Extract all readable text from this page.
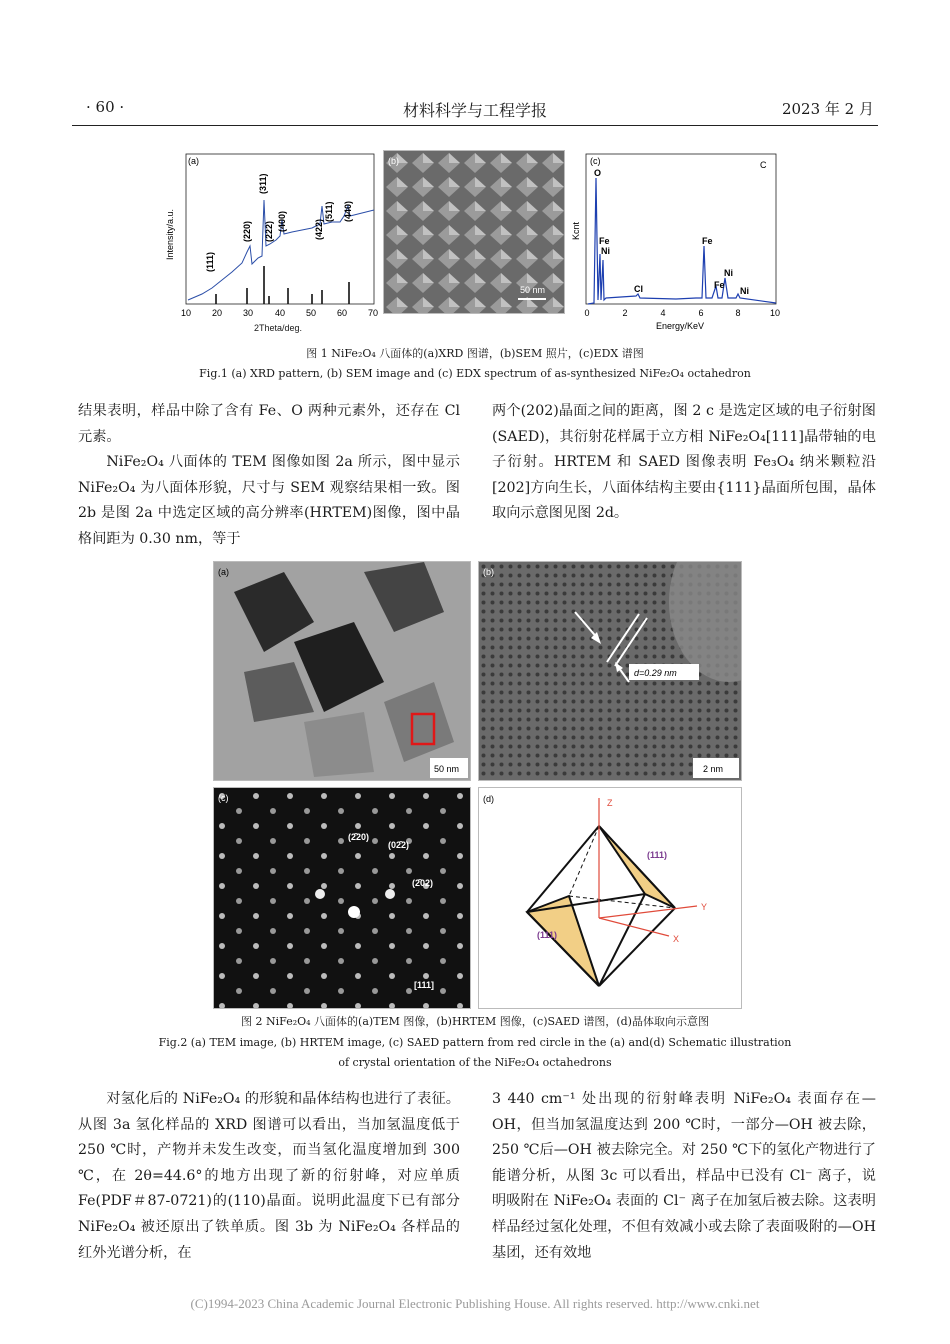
· 60 ·	材料科学与工程学报	2023 年 2 月
(a)
(111)
(220)
(311)
(222) (400)	(422)
(511) (440)
Intensity/a.u.
10 20 30 40 50 60 70
2Theta/deg.
(b)
50 nm
(c)	C
O
Fe
Ni
Cl
Fe
Fe
Ni
Ni
Kcnt
0	2	4	6	8	10
Energy/KeV
图 1 NiFe₂O₄ 八面体的(a)XRD 图谱，(b)SEM 照片，(c)EDX 谱图
Fig.1 (a) XRD pattern, (b) SEM image and (c) EDX spectrum of as-synthesized NiFe₂O₄ octahedron

结果表明，样品中除了含有 Fe、O 两种元素外，还存在 Cl 元素。

NiFe₂O₄ 八面体的 TEM 图像如图 2a 所示，图中显示 NiFe₂O₄ 为八面体形貌，尺寸与 SEM 观察结果相一致。图 2b 是图 2a 中选定区域的高分辨率(HRTEM)图像，图中晶格间距为 0.30 nm，等于

两个(202)晶面之间的距离，图 2 c 是选定区域的电子衍射图(SAED)，其衍射花样属于立方相 NiFe₂O₄[111]晶带轴的电子衍射。HRTEM 和 SAED 图像表明 Fe₃O₄ 纳米颗粒沿[202]方向生长，八面体结构主要由{111}晶面所包围，晶体取向示意图见图 2d。

(a)
50 nm
(b)
d=0.29 nm
2 nm
(c)
(2̄20)
(02̄2)
(2̄02)
[111]
(d)	Z
Y
X
(111)
(111)
图 2 NiFe₂O₄ 八面体的(a)TEM 图像，(b)HRTEM 图像，(c)SAED 谱图，(d)晶体取向示意图
Fig.2 (a) TEM image, (b) HRTEM image, (c) SAED pattern from red circle in the (a) and(d) Schematic illustration
of crystal orientation of the NiFe₂O₄ octahedrons

对氢化后的 NiFe₂O₄ 的形貌和晶体结构也进行了表征。从图 3a 氢化样品的 XRD 图谱可以看出，当加氢温度低于 250 ℃时，产物并未发生改变，而当氢化温度增加到 300 ℃，在 2θ=44.6°的地方出现了新的衍射峰，对应单质 Fe(PDF＃87-0721)的(110)晶面。说明此温度下已有部分 NiFe₂O₄ 被还原出了铁单质。图 3b 为 NiFe₂O₄ 各样品的红外光谱分析，在

3 440 cm⁻¹ 处出现的衍射峰表明 NiFe₂O₄ 表面存在—OH，但当加氢温度达到 200 ℃时，一部分—OH 被去除，250 ℃后—OH 被去除完全。对 250 ℃下的氢化产物进行了能谱分析，从图 3c 可以看出，样品中已没有 Cl⁻ 离子，说明吸附在 NiFe₂O₄ 表面的 Cl⁻ 离子在加氢后被去除。这表明样品经过氢化处理，不但有效减小或去除了表面吸附的—OH 基团，还有效地

(C)1994-2023 China Academic Journal Electronic Publishing House. All rights reserved. http://www.cnki.net
